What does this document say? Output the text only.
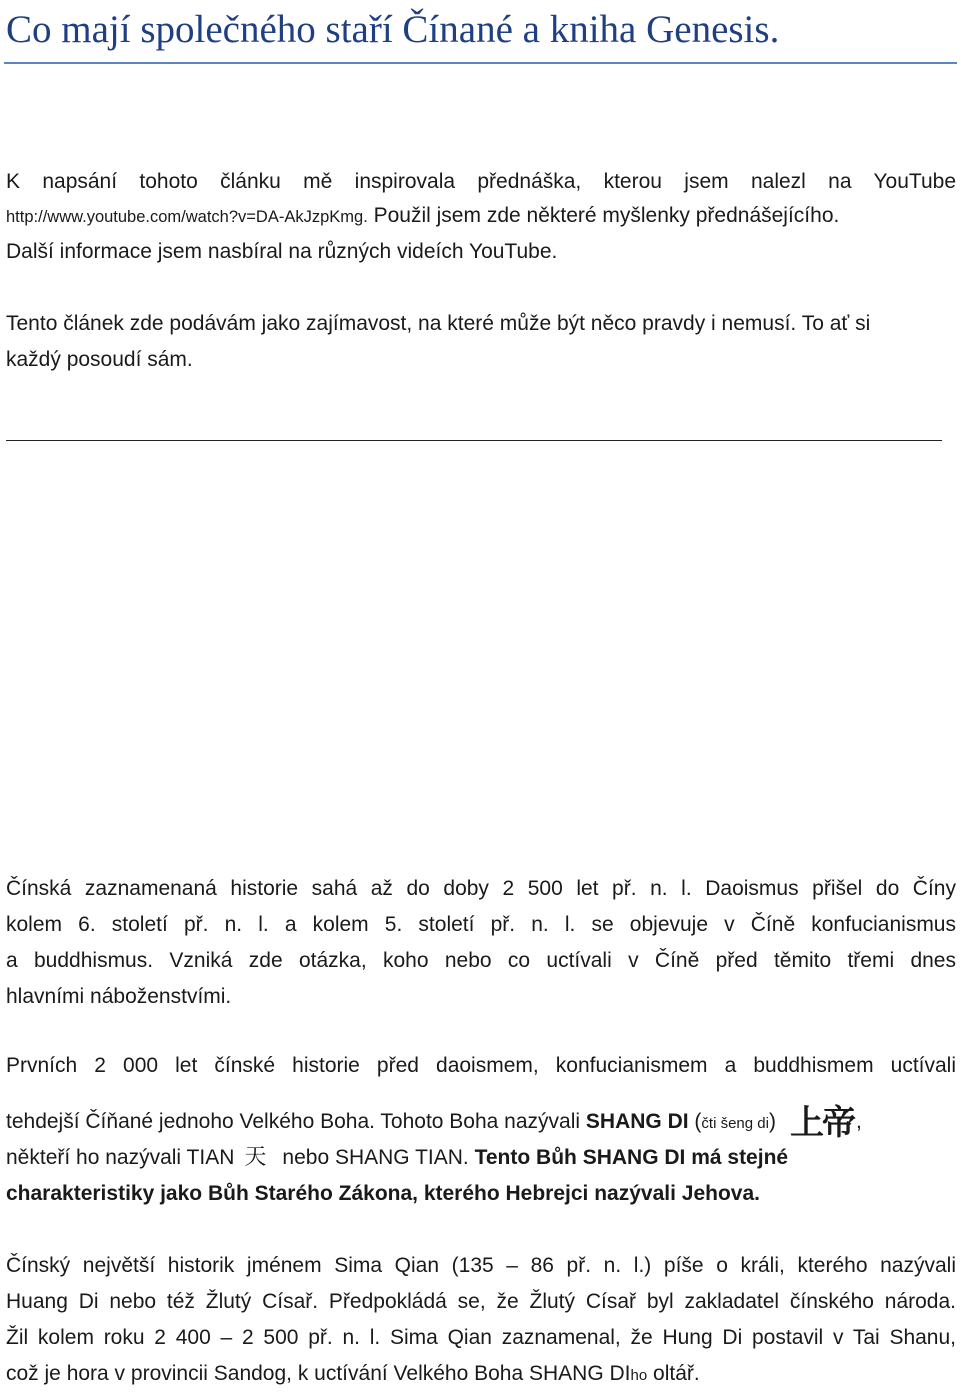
Co mají společného staří Čínané a kniha Genesis.
K napsání tohoto článku mě inspirovala přednáška, kterou jsem nalezl na YouTube
http://www.youtube.com/watch?v=DA-AkJzpKmg. Použil jsem zde některé myšlenky přednášejícího.
Další informace jsem nasbíral na různých videích YouTube.
Tento článek zde podávám jako zajímavost, na které může být něco pravdy i nemusí. To ať si
každý posoudí sám.
Čínská zaznamenaná historie sahá až do doby 2 500 let př. n. l. Daoismus přišel do Číny
kolem 6. století př. n. l. a kolem 5. století př. n. l. se objevuje v Číně konfucianismus
a buddhismus. Vzniká zde otázka, koho nebo co uctívali v Číně před těmito třemi dnes
hlavními náboženstvími.
Prvních 2 000 let čínské historie před daoismem, konfucianismem a buddhismem uctívali
tehdejší Číňané jednoho Velkého Boha. Tohoto Boha nazývali SHANG DI (čti šeng di) 上帝,
někteří ho nazývali TIAN 天 nebo SHANG TIAN. Tento Bůh SHANG DI má stejné
charakteristiky jako Bůh Starého Zákona, kterého Hebrejci nazývali Jehova.
Čínský největší historik jménem Sima Qian (135 – 86 př. n. l.) píše o králi, kterého nazývali
Huang Di nebo též Žlutý Císař. Předpokládá se, že Žlutý Císař byl zakladatel čínského národa.
Žil kolem roku 2 400 – 2 500 př. n. l. Sima Qian zaznamenal, že Hung Di postavil v Tai Shanu,
což je hora v provincii Sandog, k uctívání Velkého Boha SHANG DIho oltář.
